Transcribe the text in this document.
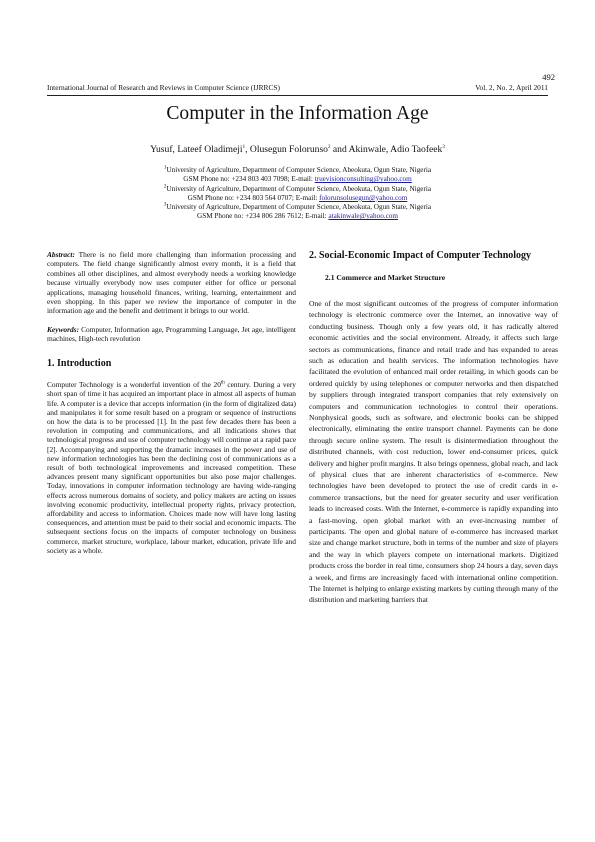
492
International Journal of Research and Reviews in Computer Science (IJRRCS)	Vol. 2, No. 2, April 2011
Computer in the Information Age
Yusuf, Lateef Oladimeji$^1$, Olusegun Folorunso$^2$ and Akinwale, Adio Taofeek$^3$
$^1$University of Agriculture, Department of Computer Science, Abeokuta, Ogun State, Nigeria
GSM Phone no: +234 803 403 7098; E-mail: truevisionconsulting@yahoo.com
$^2$University of Agriculture, Department of Computer Science, Abeokuta, Ogun State, Nigeria
GSM Phone no: +234 803 564 0707; E-mail: folorunsolusegun@yahoo.com
$^3$University of Agriculture, Department of Computer Science, Abeokuta, Ogun State, Nigeria
GSM Phone no: +234 806 286 7612; E-mail: atakinwale@yahoo.com

Abstract: There is no field more challenging than information processing and computers. The field change significantly almost every month, it is a field that combines all other disciplines, and almost everybody needs a working knowledge because virtually everybody now uses computer either for office or personal applications, managing household finances, writing, learning, entertainment and even shopping. In this paper we review the importance of computer in the information age and the benefit and detriment it brings to our world.

Keywords: Computer, Information age, Programming Language, Jet age, intelligent machines, High-tech revolution

1. Introduction

Computer Technology is a wonderful invention of the 20th century. During a very short span of time it has acquired an important place in almost all aspects of human life. A computer is a device that accepts information (in the form of digitalized data) and manipulates it for some result based on a program or sequence of instructions on how the data is to be processed [1]. In the past few decades there has been a revolution in computing and communications, and all indications shows that technological progress and use of computer technology will continue at a rapid pace [2]. Accompanying and supporting the dramatic increases in the power and use of new information technologies has been the declining cost of communications as a result of both technological improvements and increased competition. These advances present many significant opportunities but also pose major challenges. Today, innovations in computer information technology are having wide-ranging effects across numerous domains of society, and policy makers are acting on issues involving economic productivity, intellectual property rights, privacy protection, affordability and access to information. Choices made now will have long lasting consequences, and attention must be paid to their social and economic impacts. The subsequent sections focus on the impacts of computer technology on business commerce, market structure, workplace, labour market, education, private life and society as a whole.

2. Social-Economic Impact of Computer Technology
2.1 Commerce and Market Structure

One of the most significant outcomes of the progress of computer information technology is electronic commerce over the Internet, an innovative way of conducting business. Though only a few years old, it has radically altered economic activities and the social environment. Already, it affects such large sectors as communications, finance and retail trade and has expanded to areas such as education and health services. The information technologies have facilitated the evolution of enhanced mail order retailing, in which goods can be ordered quickly by using telephones or computer networks and then dispatched by suppliers through integrated transport companies that rely extensively on computers and communication technologies to control their operations. Nonphysical goods, such as software, and electronic books can be shipped electronically, eliminating the entire transport channel. Payments can be done through secure online system. The result is disintermediation throughout the distributed channels, with cost reduction, lower end-consumer prices, quick delivery and higher profit margins. It also brings openness, global reach, and lack of physical clues that are inherent characteristics of e-commerce. New technologies have been developed to protect the use of credit cards in e-commerce transactions, but the need for greater security and user verification leads to increased costs. With the Internet, e-commerce is rapidly expanding into a fast-moving, open global market with an ever-increasing number of participants. The open and global nature of e-commerce has increased market size and change market structure, both in terms of the number and size of players and the way in which players compete on international markets. Digitized products cross the border in real time, consumers shop 24 hours a day, seven days a week, and firms are increasingly faced with international online competition. The Internet is helping to enlarge existing markets by cutting through many of the distribution and marketing barriers that
